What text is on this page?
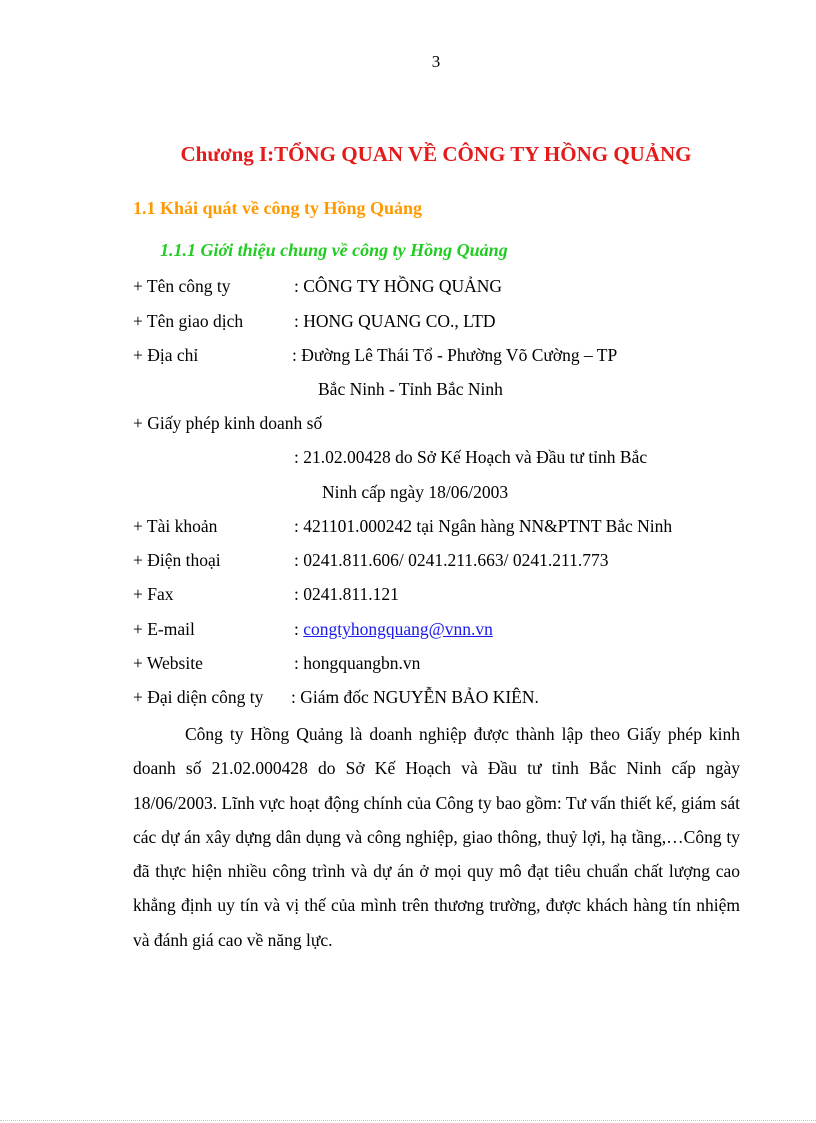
3
Chương I:TỔNG QUAN VỀ CÔNG TY HỒNG QUẢNG
1.1 Khái quát về công ty Hồng Quảng
1.1.1 Giới thiệu chung về công ty Hồng Quảng
+ Tên công ty	: CÔNG TY HỒNG QUẢNG
+ Tên giao dịch	: HONG QUANG CO., LTD
+ Địa chỉ	: Đường Lê Thái Tổ - Phường Võ Cường – TP
Bắc Ninh - Tỉnh Bắc Ninh
+ Giấy phép kinh doanh số
: 21.02.00428 do Sở Kế Hoạch và Đầu tư tỉnh Bắc
Ninh cấp ngày 18/06/2003
+ Tài khoản	: 421101.000242 tại Ngân hàng NN&PTNT Bắc Ninh
+ Điện thoại	: 0241.811.606/ 0241.211.663/ 0241.211.773
+ Fax	: 0241.811.121
+ E-mail	: congtyhongquang@vnn.vn
+ Website	: hongquangbn.vn
+ Đại diện công ty : Giám đốc NGUYỄN BẢO KIÊN.

Công ty Hồng Quảng là doanh nghiệp được thành lập theo Giấy phép kinh doanh số 21.02.000428 do Sở Kế Hoạch và Đầu tư tỉnh Bắc Ninh cấp ngày 18/06/2003. Lĩnh vực hoạt động chính của Công ty bao gồm: Tư vấn thiết kế, giám sát các dự án xây dựng dân dụng và công nghiệp, giao thông, thuỷ lợi, hạ tầng,…Công ty đã thực hiện nhiều công trình và dự án ở mọi quy mô đạt tiêu chuẩn chất lượng cao khẳng định uy tín và vị thế của mình trên thương trường, được khách hàng tín nhiệm và đánh giá cao về năng lực.
